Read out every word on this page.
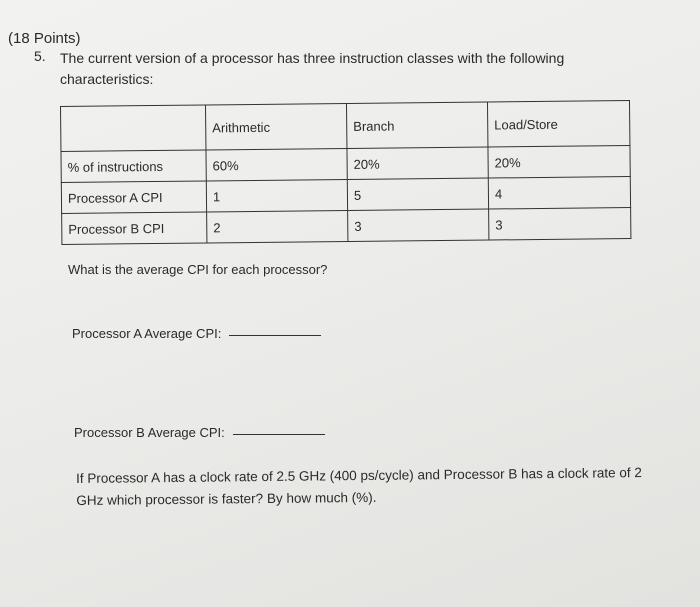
(18 Points)
5. The current version of a processor has three instruction classes with the following characteristics:
	Arithmetic	Branch	Load/Store
% of instructions	60%	20%	20%
Processor A CPI	1	5	4
Processor B CPI	2	3	3
What is the average CPI for each processor?
Processor A Average CPI:
Processor B Average CPI:
If Processor A has a clock rate of 2.5 GHz (400 ps/cycle) and Processor B has a clock rate of 2 GHz which processor is faster? By how much (%).
